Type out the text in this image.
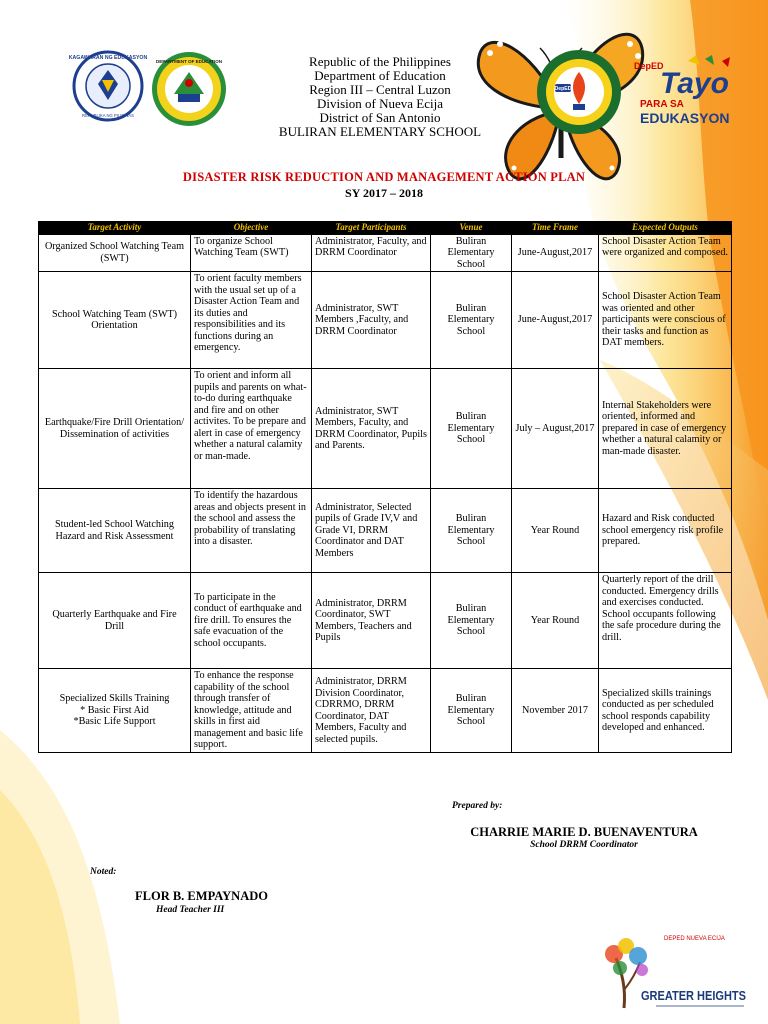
KAGAWARAN NG EDUKASYON
REPUBLIKA NG PILIPINAS
DEPARTMENT OF EDUCATION
DepED
DepED
Tayo
PARA SA
EDUKASYON
Republic of the Philippines
Department of Education
Region III – Central Luzon
Division of Nueva Ecija
District of San Antonio
BULIRAN ELEMENTARY SCHOOL
DISASTER RISK REDUCTION AND MANAGEMENT ACTION PLAN
SY 2017 – 2018
Target Activity	Objective	Target Participants	Venue	Time Frame	Expected Outputs
Organized School Watching Team (SWT)	To organize School Watching Team (SWT)	Administrator, Faculty, and DRRM Coordinator	Buliran Elementary School	June-August,2017	School Disaster Action Team were organized and composed.
School Watching Team (SWT) Orientation	To orient faculty members with the usual set up of a Disaster Action Team and its duties and responsibilities and its functions during an emergency.	Administrator, SWT Members ,Faculty, and DRRM Coordinator	Buliran Elementary School	June-August,2017	School Disaster Action Team was oriented and other participants were conscious of their tasks and function as DAT members.
Earthquake/Fire Drill Orientation/ Dissemination of activities	To orient and inform all pupils and parents on what- to-do during earthquake and fire and on other activites. To be prepare and alert in case of emergency whether a natural calamity or man-made.	Administrator, SWT Members, Faculty, and DRRM Coordinator, Pupils and Parents.	Buliran Elementary School	July – August,2017	Internal Stakeholders were oriented, informed and prepared in case of emergency whether a natural calamity or man-made disaster.
Student-led School Watching Hazard and Risk Assessment	To identify the hazardous areas and objects present in the school and assess the probability of translating into a disaster.	Administrator, Selected pupils of Grade IV,V and Grade VI, DRRM Coordinator and DAT Members	Buliran Elementary School	Year Round	Hazard and Risk conducted school emergency risk profile prepared.
Quarterly Earthquake and Fire Drill	To participate in the conduct of earthquake and fire drill. To ensures the safe evacuation of the school occupants.	Administrator, DRRM Coordinator, SWT Members, Teachers and Pupils	Buliran Elementary School	Year Round	Quarterly report of the drill conducted. Emergency drills and exercises conducted. School occupants following the safe procedure during the drill.
Specialized Skills Training
* Basic First Aid
*Basic Life Support	To enhance the response capability of the school through transfer of knowledge, attitude and skills in first aid management and basic life support.	Administrator, DRRM Division Coordinator, CDRRMO, DRRM Coordinator, DAT Members, Faculty and selected pupils.	Buliran Elementary School	November 2017	Specialized skills trainings conducted as per scheduled school responds capability developed and enhanced.
Prepared by:
CHARRIE MARIE D. BUENAVENTURA
School DRRM Coordinator
Noted:
FLOR B. EMPAYNADO
Head Teacher III
DEPED NUEVA ECIJA
GREATER HEIGHTS
